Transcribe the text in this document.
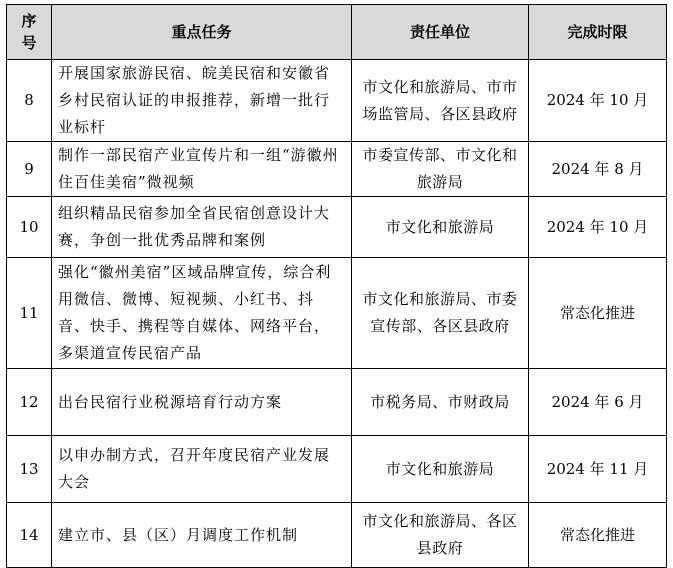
序号	重点任务	责任单位	完成时限
8	开展国家旅游民宿、皖美民宿和安徽省乡村民宿认证的申报推荐，新增一批行业标杆	市文化和旅游局、市市场监管局、各区县政府	2024 年 10 月
9	制作一部民宿产业宣传片和一组“游徽州住百佳美宿”微视频	市委宣传部、市文化和旅游局	2024 年 8 月
10	组织精品民宿参加全省民宿创意设计大赛，争创一批优秀品牌和案例	市文化和旅游局	2024 年 10 月
11	强化“徽州美宿”区域品牌宣传，综合利用微信、微博、短视频、小红书、抖音、快手、携程等自媒体、网络平台，多渠道宣传民宿产品	市文化和旅游局、市委宣传部、各区县政府	常态化推进
12	出台民宿行业税源培育行动方案	市税务局、市财政局	2024 年 6 月
13	以申办制方式，召开年度民宿产业发展大会	市文化和旅游局	2024 年 11 月
14	建立市、县（区）月调度工作机制	市文化和旅游局、各区县政府	常态化推进
